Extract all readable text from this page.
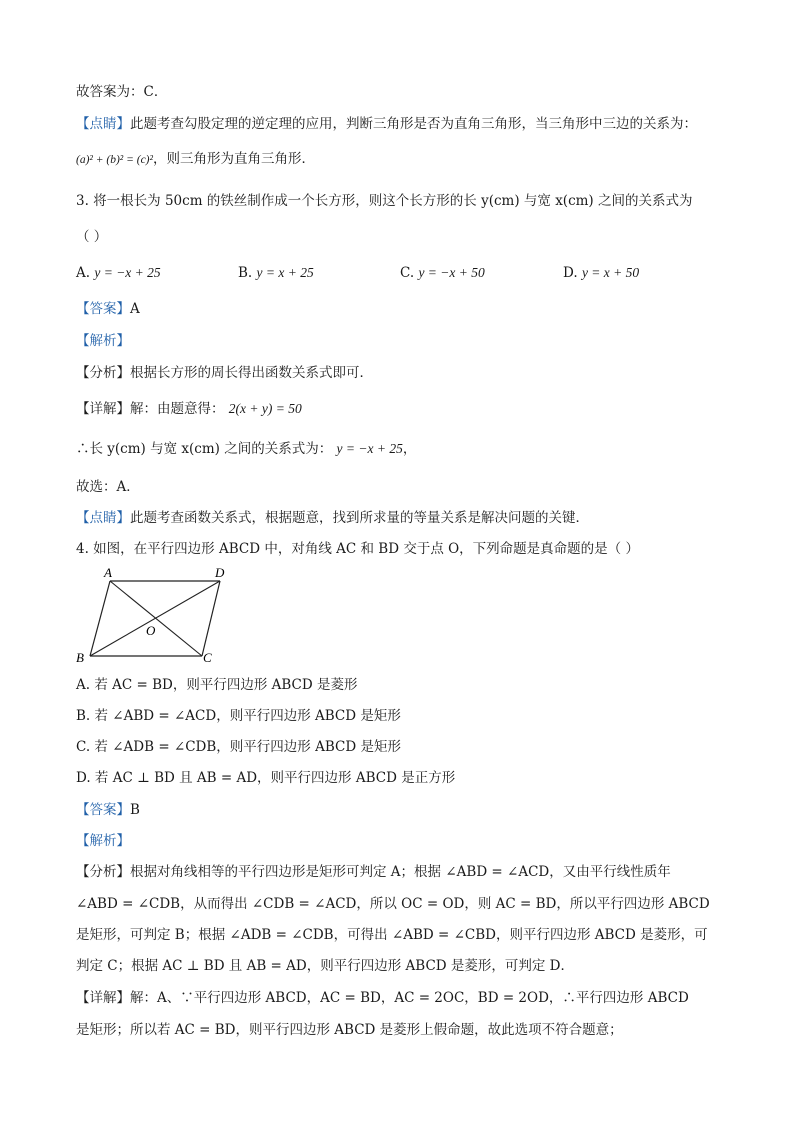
故答案为：C．
【点睛】此题考查勾股定理的逆定理的应用，判断三角形是否为直角三角形，当三角形中三边的关系为：
(a)² + (b)² = (c)²，则三角形为直角三角形．
3. 将一根长为 50cm 的铁丝制作成一个长方形，则这个长方形的长 y(cm) 与宽 x(cm) 之间的关系式为
（ ）
A. y = −x + 25	B. y = x + 25	C. y = −x + 50	D. y = x + 50
【答案】A
【解析】
【分析】根据长方形的周长得出函数关系式即可．
【详解】解：由题意得： 2(x + y) = 50
∴长 y(cm) 与宽 x(cm) 之间的关系式为： y = −x + 25，
故选：A．
【点睛】此题考查函数关系式，根据题意，找到所求量的等量关系是解决问题的关键．
4. 如图，在平行四边形 ABCD 中，对角线 AC 和 BD 交于点 O，下列命题是真命题的是（ ）
A	D
B	C
O
A. 若 AC = BD，则平行四边形 ABCD 是菱形
B. 若 ∠ABD = ∠ACD，则平行四边形 ABCD 是矩形
C. 若 ∠ADB = ∠CDB，则平行四边形 ABCD 是矩形
D. 若 AC ⊥ BD 且 AB = AD，则平行四边形 ABCD 是正方形
【答案】B
【解析】
【分析】根据对角线相等的平行四边形是矩形可判定 A；根据 ∠ABD = ∠ACD，又由平行线性质年
∠ABD = ∠CDB，从而得出 ∠CDB = ∠ACD，所以 OC = OD，则 AC = BD，所以平行四边形 ABCD
是矩形，可判定 B；根据 ∠ADB = ∠CDB，可得出 ∠ABD = ∠CBD，则平行四边形 ABCD 是菱形，可
判定 C；根据 AC ⊥ BD 且 AB = AD，则平行四边形 ABCD 是菱形，可判定 D．
【详解】解：A、∵平行四边形 ABCD，AC = BD，AC = 2OC，BD = 2OD，∴平行四边形 ABCD
是矩形；所以若 AC = BD，则平行四边形 ABCD 是菱形上假命题，故此选项不符合题意；
